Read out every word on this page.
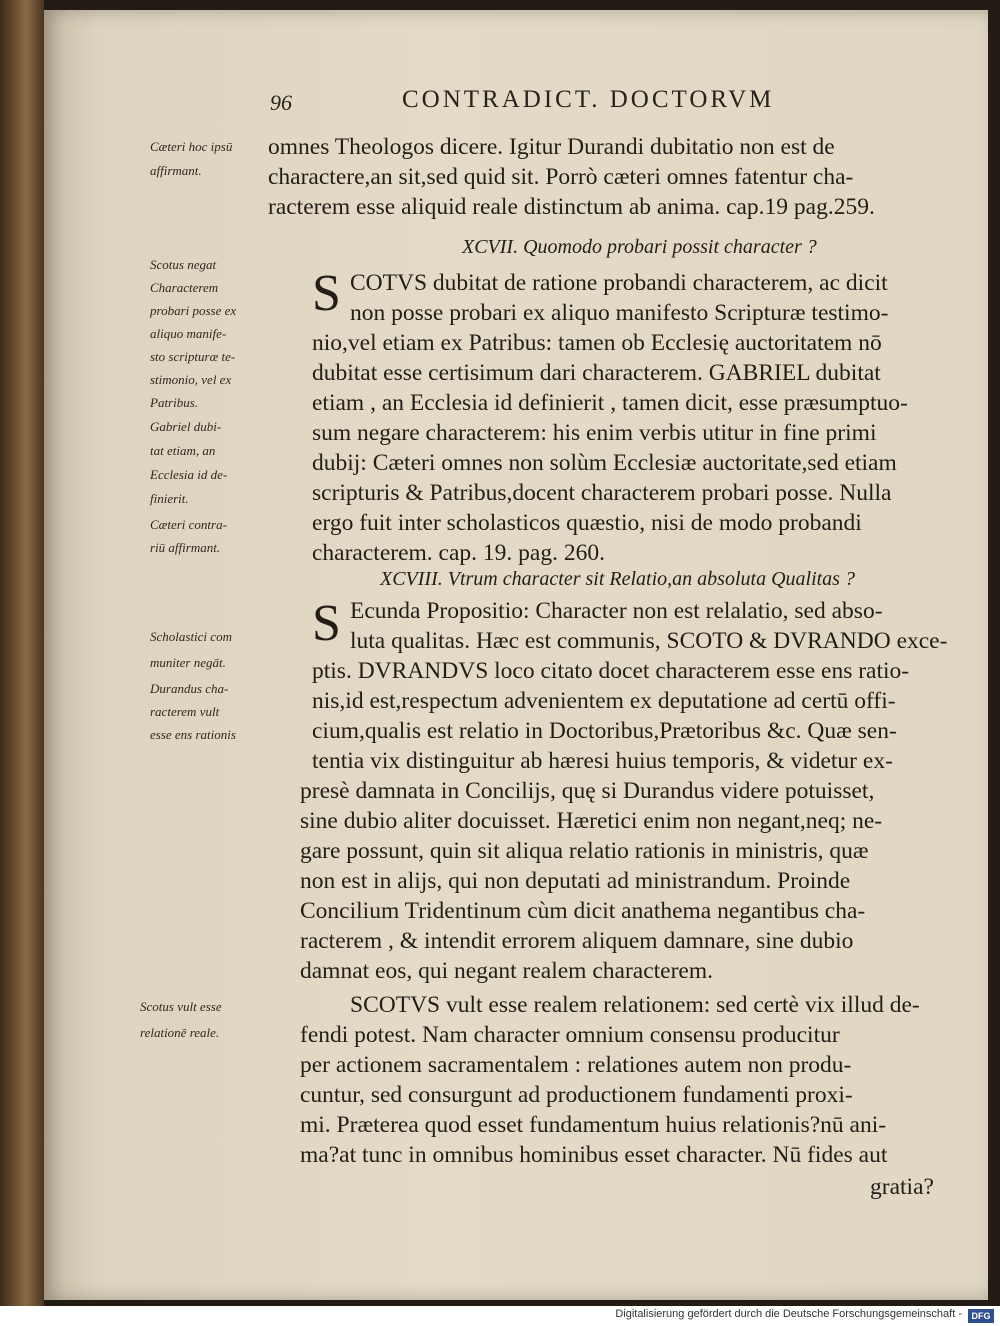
96	CONTRADICT. DOCTORVM
Cæteri hoc ipsū
affirmant.
omnes Theologos dicere. Igitur Durandi dubitatio non est de
charactere,an sit,sed quid sit. Porrò cæteri omnes fatentur cha-
racterem esse aliquid reale distinctum ab anima. cap.19 pag.259.
XCVII. Quomodo probari possit character ?
Scotus negat
Characterem
probari posse ex
aliquo manife-
sto scripturæ te-
stimonio, vel ex
Patribus.
Gabriel dubi-
tat etiam, an
Ecclesia id de-
finierit.
Cæteri contra-
riū affirmant.
S COTVS dubitat de ratione probandi characterem, ac dicit
non posse probari ex aliquo manifesto Scripturæ testimo-
nio,vel etiam ex Patribus: tamen ob Ecclesię auctoritatem nō
dubitat esse certisimum dari characterem. GABRIEL dubitat
etiam , an Ecclesia id definierit , tamen dicit, esse præsumptuo-
sum negare characterem: his enim verbis utitur in fine primi
dubij: Cæteri omnes non solùm Ecclesiæ auctoritate,sed etiam
scripturis & Patribus,docent characterem probari posse. Nulla
ergo fuit inter scholasticos quæstio, nisi de modo probandi
characterem. cap. 19. pag. 260.
XCVIII. Vtrum character sit Relatio,an absoluta Qualitas ?
Scholastici com
muniter negāt.
Durandus cha-
racterem vult
esse ens rationis
S Ecunda Propositio: Character non est relalatio, sed abso-
luta qualitas. Hæc est communis, SCOTO & DVRANDO exce-
ptis. DVRANDVS loco citato docet characterem esse ens ratio-
nis,id est,respectum advenientem ex deputatione ad certū offi-
cium,qualis est relatio in Doctoribus,Prætoribus &c. Quæ sen-
tentia vix distinguitur ab hæresi huius temporis, & videtur ex-
presè damnata in Concilijs, quę si Durandus videre potuisset,
sine dubio aliter docuisset. Hæretici enim non negant,neq; ne-
gare possunt, quin sit aliqua relatio rationis in ministris, quæ
non est in alijs, qui non deputati ad ministrandum. Proinde
Concilium Tridentinum cùm dicit anathema negantibus cha-
racterem , & intendit errorem aliquem damnare, sine dubio
damnat eos, qui negant realem characterem.
SCOTVS vult esse realem relationem: sed certè vix illud de-
fendi potest. Nam character omnium consensu producitur
per actionem sacramentalem : relationes autem non produ-
cuntur, sed consurgunt ad productionem fundamenti proxi-
mi. Præterea quod esset fundamentum huius relationis?nū ani-
ma?at tunc in omnibus hominibus esset character. Nū fides aut
gratia?
Scotus vult esse
relationē reale.
Digitalisierung gefördert durch die Deutsche Forschungsgemeinschaft -	DFG
